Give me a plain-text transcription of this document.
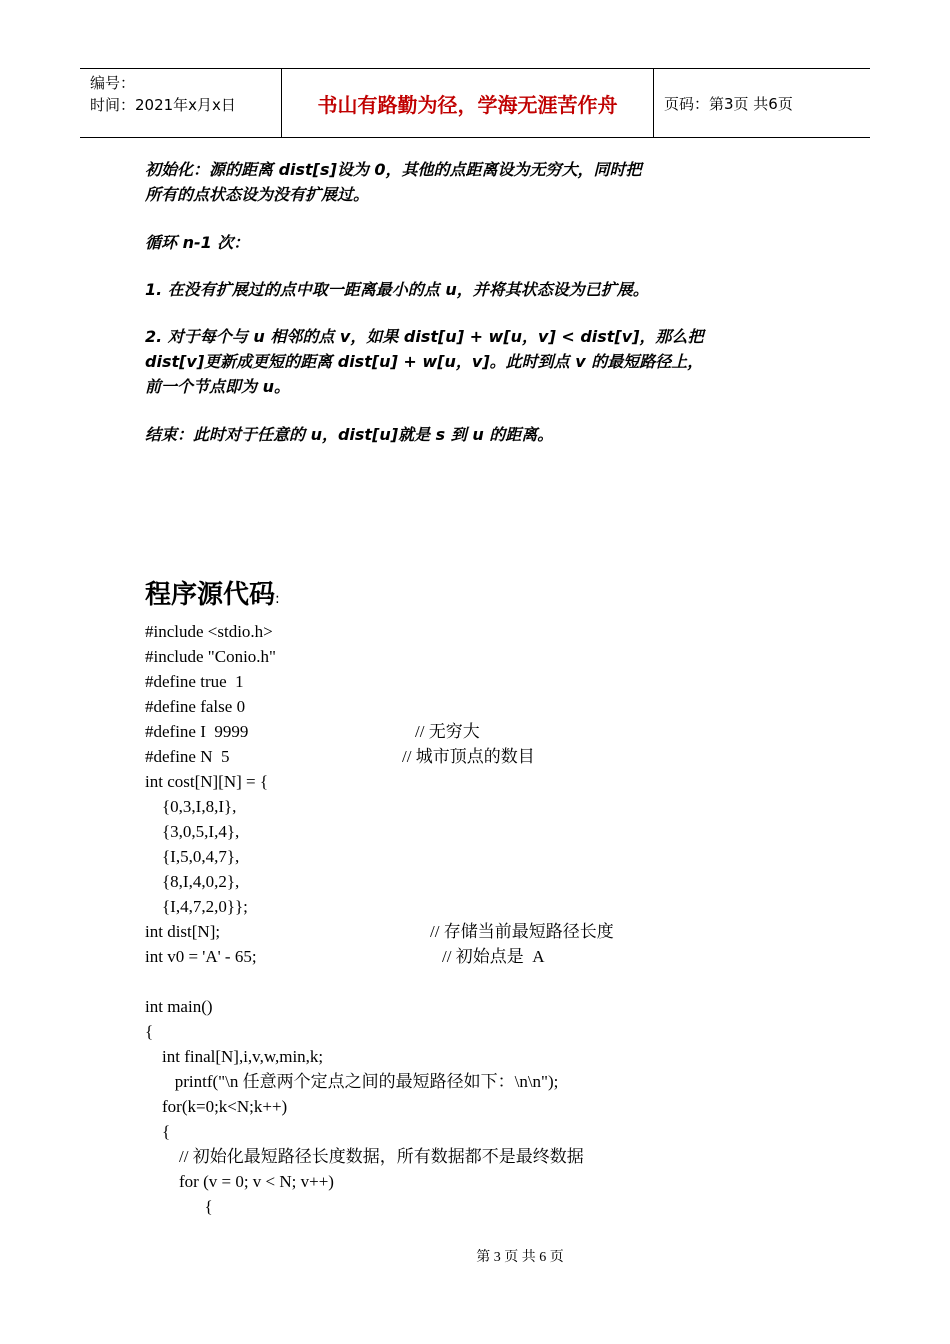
编号：
时间：2021年x月x日	书山有路勤为径，学海无涯苦作舟	页码：第3页 共6页
初始化：源的距离 dist[s]设为 0，其他的点距离设为无穷大，同时把
所有的点状态设为没有扩展过。
循环 n-1 次：
1. 在没有扩展过的点中取一距离最小的点 u，并将其状态设为已扩展。
2. 对于每个与 u 相邻的点 v，如果 dist[u] + w[u，v] < dist[v]，那么把
dist[v]更新成更短的距离 dist[u] + w[u，v]。此时到点 v 的最短路径上，
前一个节点即为 u。
结束：此时对于任意的 u，dist[u]就是 s 到 u 的距离。
程序源代码:
#include <stdio.h>
#include "Conio.h"
#define true  1
#define false 0
#define I  9999	// 无穷大
#define N  5	// 城市顶点的数目
int cost[N][N] = {
{0,3,I,8,I},
{3,0,5,I,4},
{I,5,0,4,7},
{8,I,4,0,2},
{I,4,7,2,0}};
int dist[N];	// 存储当前最短路径长度
int v0 = 'A' - 65;	// 初始点是  A
int main()
{
int final[N],i,v,w,min,k;
printf("\n 任意两个定点之间的最短路径如下：\n\n");
for(k=0;k<N;k++)
{
// 初始化最短路径长度数据，所有数据都不是最终数据
for (v = 0; v < N; v++)
{
第 3 页 共 6 页
